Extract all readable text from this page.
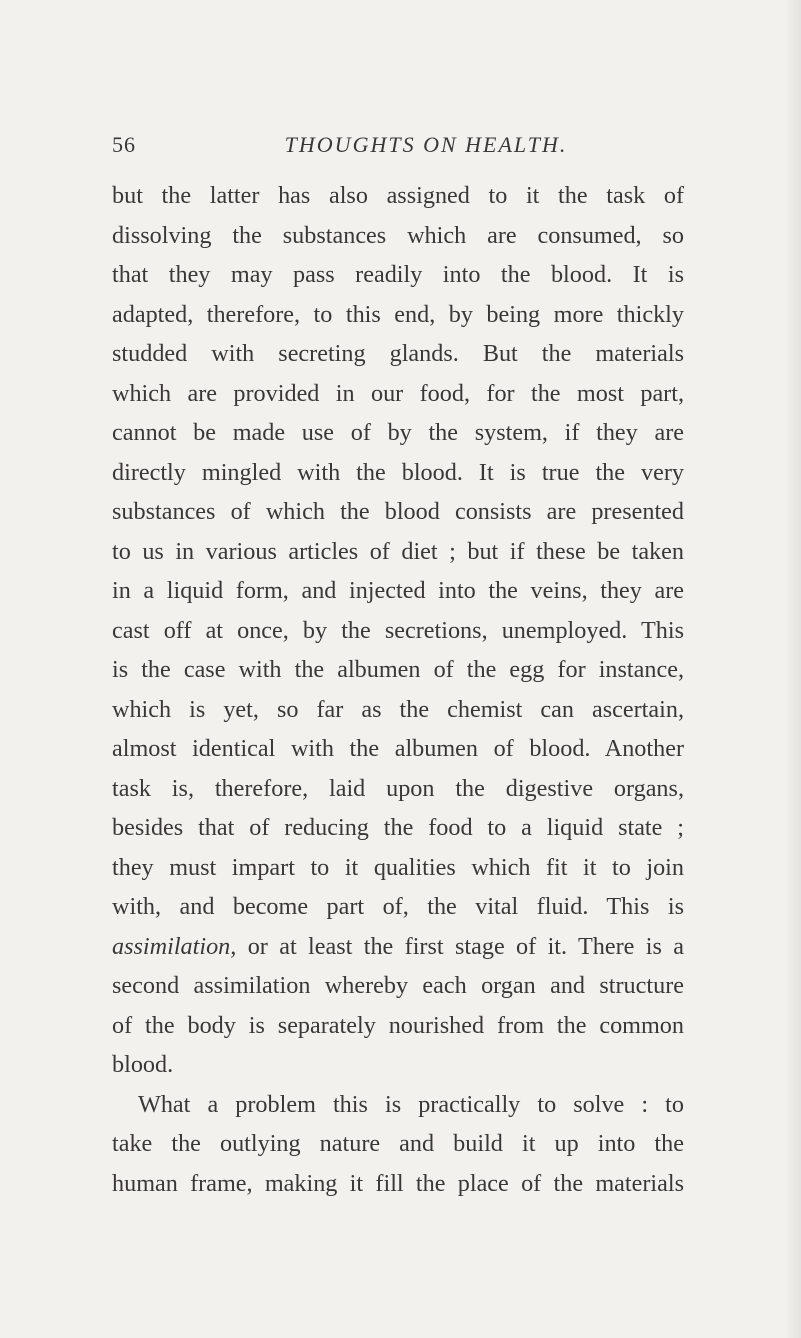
56	THOUGHTS ON HEALTH.
but the latter has also assigned to it the task of
dissolving the substances which are consumed, so
that they may pass readily into the blood. It is
adapted, therefore, to this end, by being more thickly
studded with secreting glands. But the materials
which are provided in our food, for the most part,
cannot be made use of by the system, if they are
directly mingled with the blood. It is true the very
substances of which the blood consists are presented
to us in various articles of diet ; but if these be taken
in a liquid form, and injected into the veins, they are
cast off at once, by the secretions, unemployed. This
is the case with the albumen of the egg for instance,
which is yet, so far as the chemist can ascertain,
almost identical with the albumen of blood. Another
task is, therefore, laid upon the digestive organs,
besides that of reducing the food to a liquid state ;
they must impart to it qualities which fit it to join
with, and become part of, the vital fluid. This is
assimilation, or at least the first stage of it. There is a
second assimilation whereby each organ and structure
of the body is separately nourished from the common
blood.
What a problem this is practically to solve : to
take the outlying nature and build it up into the
human frame, making it fill the place of the materials
